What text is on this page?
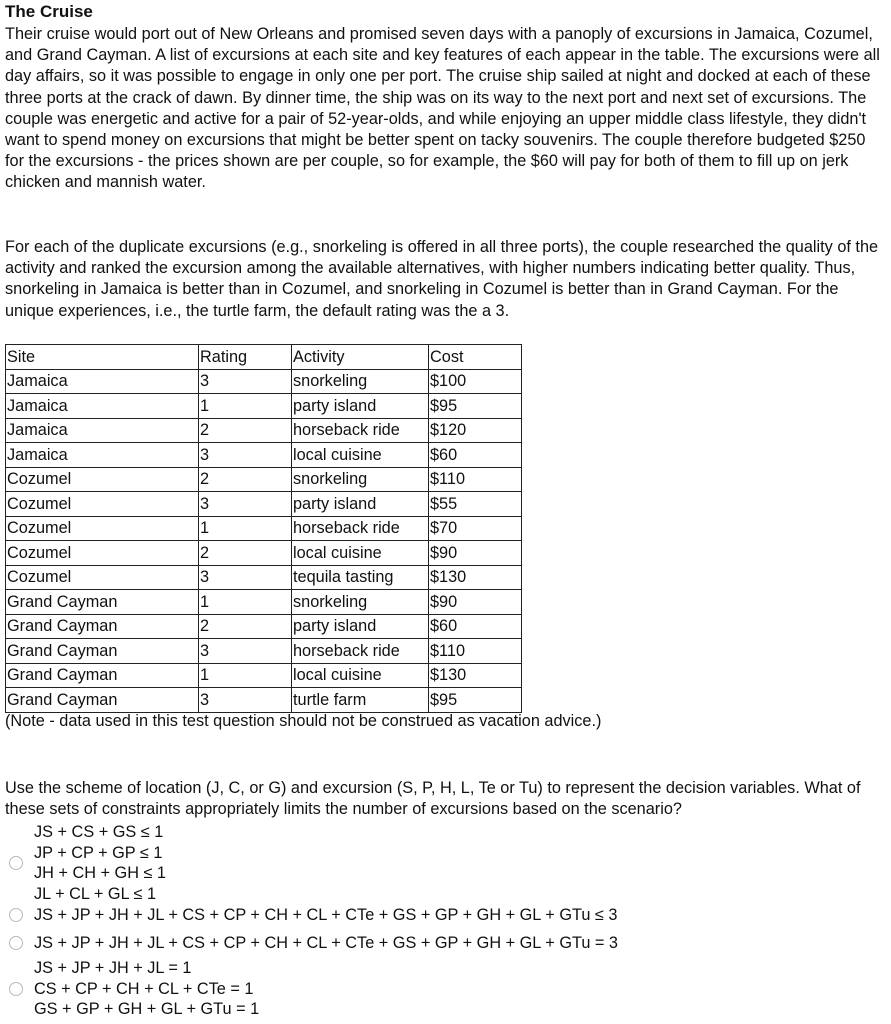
The Cruise

Their cruise would port out of New Orleans and promised seven days with a panoply of excursions in Jamaica, Cozumel, and Grand Cayman. A list of excursions at each site and key features of each appear in the table. The excursions were all day affairs, so it was possible to engage in only one per port. The cruise ship sailed at night and docked at each of these three ports at the crack of dawn. By dinner time, the ship was on its way to the next port and next set of excursions. The couple was energetic and active for a pair of 52-year-olds, and while enjoying an upper middle class lifestyle, they didn't want to spend money on excursions that might be better spent on tacky souvenirs. The couple therefore budgeted $250 for the excursions - the prices shown are per couple, so for example, the $60 will pay for both of them to fill up on jerk chicken and mannish water.

For each of the duplicate excursions (e.g., snorkeling is offered in all three ports), the couple researched the quality of the activity and ranked the excursion among the available alternatives, with higher numbers indicating better quality. Thus, snorkeling in Jamaica is better than in Cozumel, and snorkeling in Cozumel is better than in Grand Cayman. For the unique experiences, i.e., the turtle farm, the default rating was the a 3.

Site	Rating	Activity	Cost
Jamaica	3	snorkeling	$100
Jamaica	1	party island	$95
Jamaica	2	horseback ride	$120
Jamaica	3	local cuisine	$60
Cozumel	2	snorkeling	$110
Cozumel	3	party island	$55
Cozumel	1	horseback ride	$70
Cozumel	2	local cuisine	$90
Cozumel	3	tequila tasting	$130
Grand Cayman	1	snorkeling	$90
Grand Cayman	2	party island	$60
Grand Cayman	3	horseback ride	$110
Grand Cayman	1	local cuisine	$130
Grand Cayman	3	turtle farm	$95
(Note - data used in this test question should not be construed as vacation advice.)

Use the scheme of location (J, C, or G) and excursion (S, P, H, L, Te or Tu) to represent the decision variables. What of these sets of constraints appropriately limits the number of excursions based on the scenario?

JS + CS + GS ≤ 1
JP + CP + GP ≤ 1
JH + CH + GH ≤ 1
JL + CL + GL ≤ 1
JS + JP + JH + JL + CS + CP + CH + CL + CTe + GS + GP + GH + GL + GTu ≤ 3
JS + JP + JH + JL + CS + CP + CH + CL + CTe + GS + GP + GH + GL + GTu = 3
JS + JP + JH + JL = 1
CS + CP + CH + CL + CTe = 1
GS + GP + GH + GL + GTu = 1
